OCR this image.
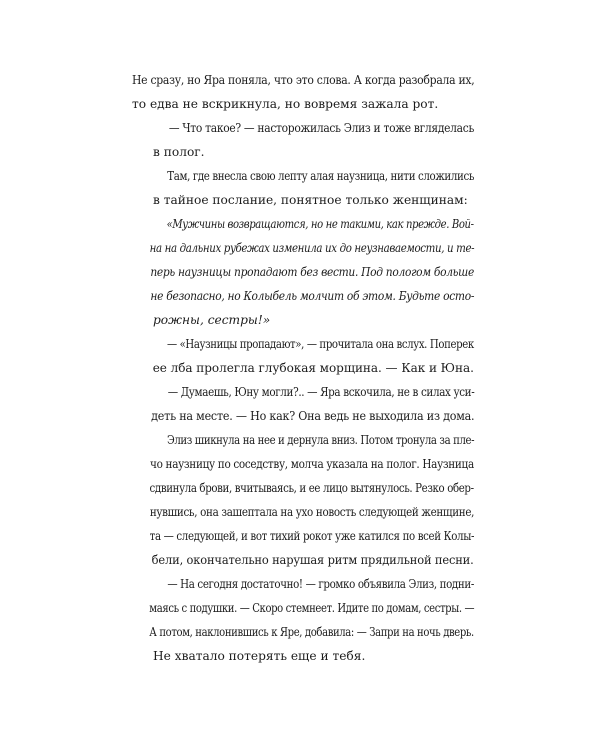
Не сразу, но Яра поняла, что это слова. А когда разобрала их,
то едва не вскрикнула, но вовремя зажала рот.

— Что такое? — насторожилась Элиз и тоже вгляделась
в полог.

Там, где внесла свою лепту алая наузница, нити сложились
в тайное послание, понятное только женщинам:

«Мужчины возвращаются, но не такими, как прежде. Вой-
на на дальних рубежах изменила их до неузнаваемости, и те-
перь наузницы пропадают без вести. Под пологом больше
не безопасно, но Колыбель молчит об этом. Будьте осто-
рожны, сестры!»

— «Наузницы пропадают», — прочитала она вслух. Поперек
ее лба пролегла глубокая морщина. — Как и Юна.

— Думаешь, Юну могли?.. — Яра вскочила, не в силах уси-
деть на месте. — Но как? Она ведь не выходила из дома.

Элиз шикнула на нее и дернула вниз. Потом тронула за пле-
чо наузницу по соседству, молча указала на полог. Наузница
сдвинула брови, вчитываясь, и ее лицо вытянулось. Резко обер-
нувшись, она зашептала на ухо новость следующей женщине,
та — следующей, и вот тихий рокот уже катился по всей Колы-
бели, окончательно нарушая ритм прядильной песни.

— На сегодня достаточно! — громко объявила Элиз, подни-
маясь с подушки. — Скоро стемнеет. Идите по домам, сестры. —
А потом, наклонившись к Яре, добавила: — Запри на ночь дверь.
Не хватало потерять еще и тебя.
